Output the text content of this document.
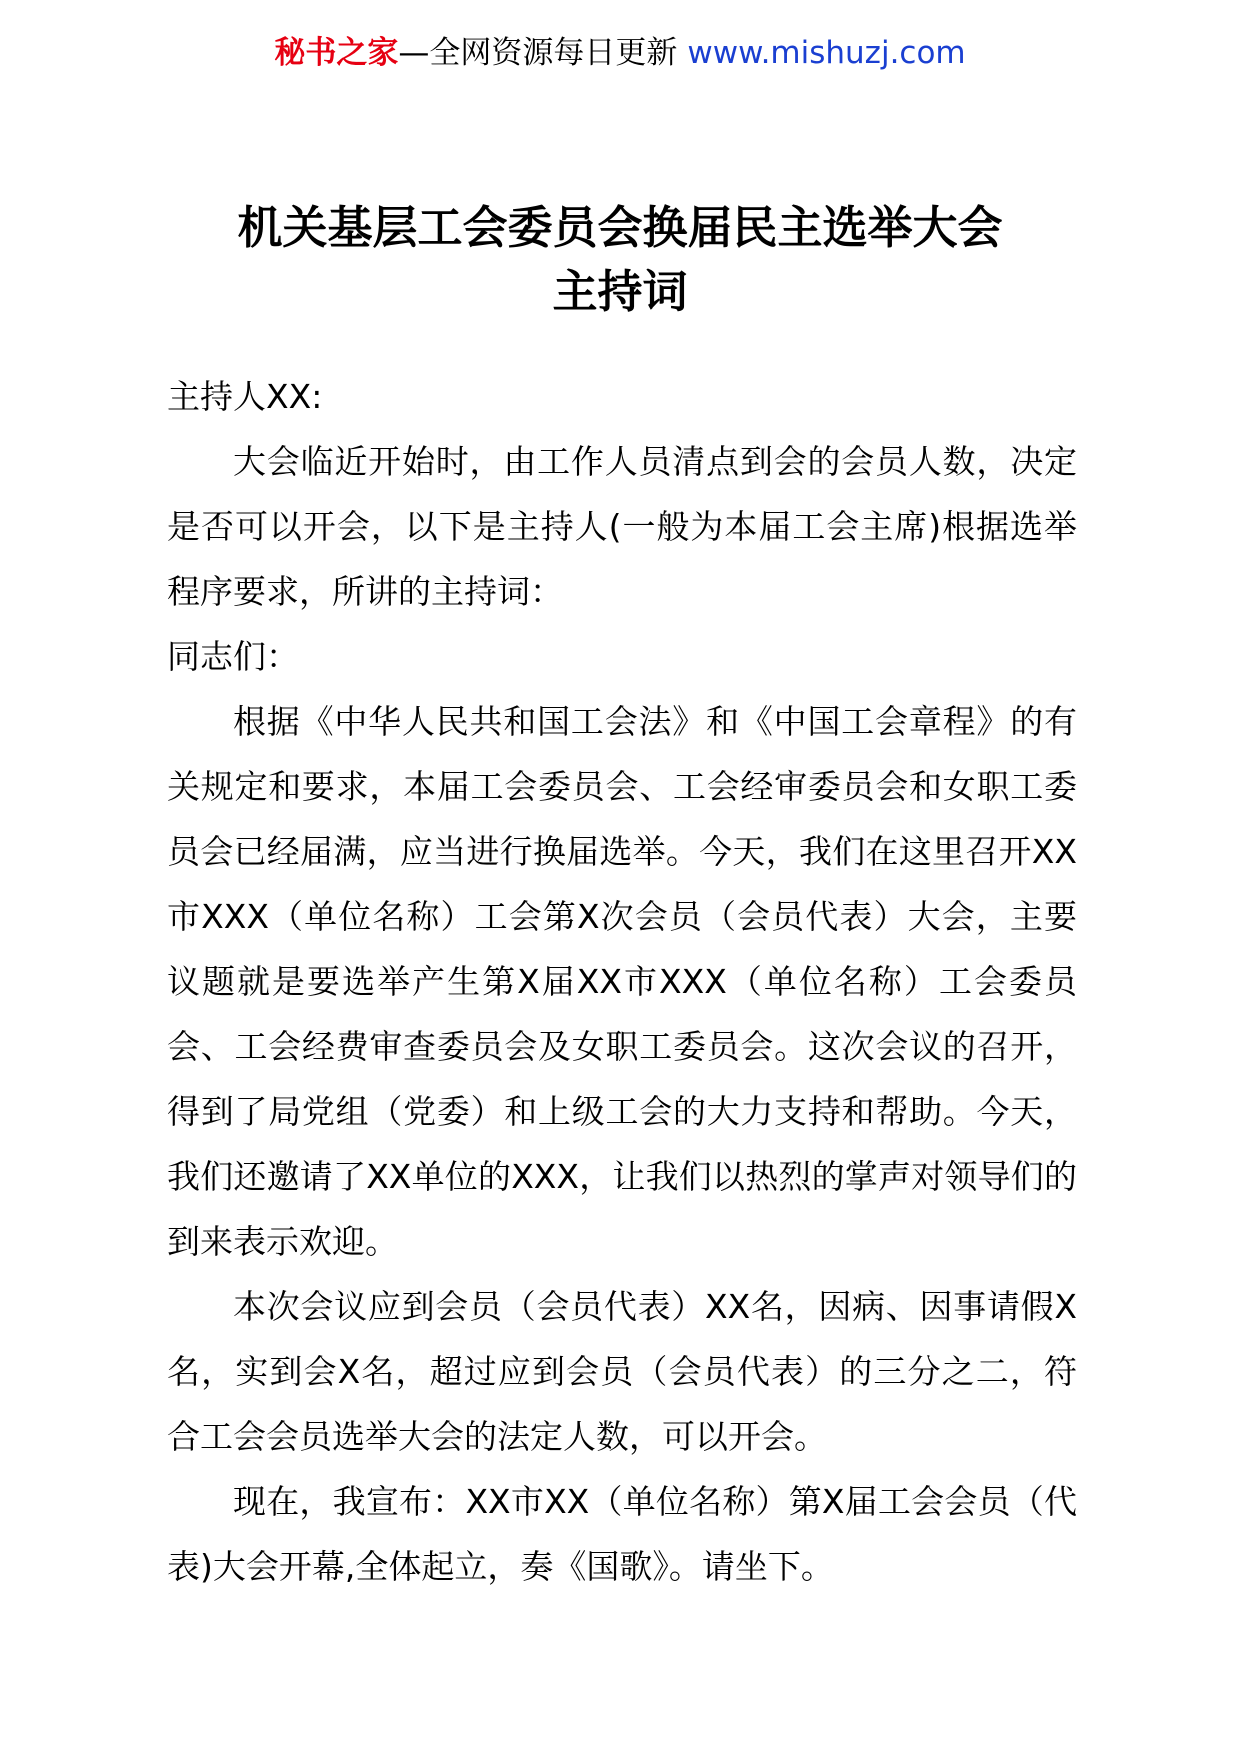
秘书之家—全网资源每日更新 www.mishuzj.com
机关基层工会委员会换届民主选举大会
主持词

主持人XX:

大会临近开始时，由工作人员清点到会的会员人数，决定是否可以开会，以下是主持人(一般为本届工会主席)根据选举程序要求，所讲的主持词：

同志们：

根据《中华人民共和国工会法》和《中国工会章程》的有关规定和要求，本届工会委员会、工会经审委员会和女职工委员会已经届满，应当进行换届选举。今天，我们在这里召开XX市XXX（单位名称）工会第X次会员（会员代表）大会，主要议题就是要选举产生第X届XX市XXX（单位名称）工会委员会、工会经费审查委员会及女职工委员会。这次会议的召开，得到了局党组（党委）和上级工会的大力支持和帮助。今天，我们还邀请了XX单位的XXX，让我们以热烈的掌声对领导们的到来表示欢迎。

本次会议应到会员（会员代表）XX名，因病、因事请假X名，实到会X名，超过应到会员（会员代表）的三分之二，符合工会会员选举大会的法定人数，可以开会。

现在，我宣布：XX市XX（单位名称）第X届工会会员（代表)大会开幕,全体起立，奏《国歌》。请坐下。
